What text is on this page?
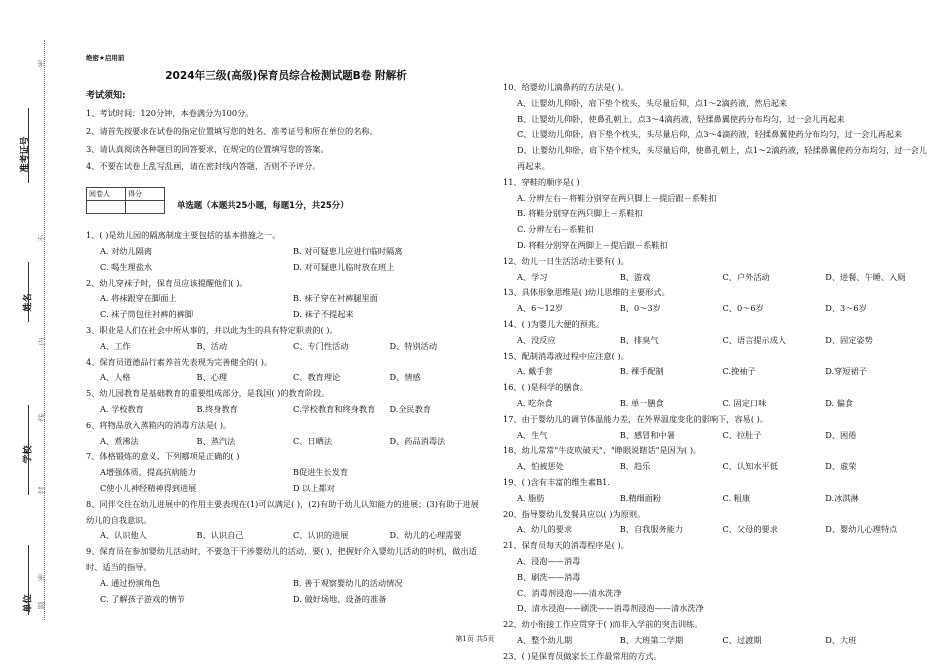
准考证号
姓名
学校
单位
密
不
内
线
封
密
题
绝密★启用前
2024年三级(高级)保育员综合检测试题B卷 附解析
考试须知:

1、考试时间：120分钟，本卷满分为100分。

2、请首先按要求在试卷的指定位置填写您的姓名、准考证号和所在单位的名称。

3、请认真阅读各种题目的回答要求，在规定的位置填写您的答案。

4、不要在试卷上乱写乱画，请在密封线内答题，否则不予评分。

阅卷人	得分

单选题（本题共25小题，每题1分，共25分）

1、( )是幼儿园的隔离制度主要包括的基本措施之一。

A. 对幼儿隔离	B. 对可疑患儿应进行临时隔离
C. 喝生理盐水	D. 对可疑患儿临时放在班上

2、幼儿穿袜子时，保育员应该提醒他们( )。

A. 将袜跟穿在脚面上	B. 袜子穿在衬裤腿里面
C. 袜子筒包住衬裤的裤脚	D. 袜子不提起来

3、职业是人们在社会中所从事的，并以此为生的具有特定职责的( )。

A、工作	B、活动	C、专门性活动	D、特别活动

4、保育员道德品行素养首先表现为完善健全的( )。

A、人格	B、心理	C、教育理论	D、情感

5、幼儿园教育是基础教育的重要组成部分，是我国( )的教育阶段。

A. 学校教育	B.终身教育	C.学校教育和终身教育	D.全民教育

6、将物品放入蒸箱内的消毒方法是( )。

A、煮沸法	B、蒸汽法	C、日晒法	D、药品消毒法

7、体格锻炼的意义，下列哪项是正确的( )

A增强体质，提高抗病能力	B促进生长发育
C使小儿神经精神得到进展	D 以上都对

8、同伴交往在幼儿进展中的作用主要表现在(1)可以满足( )，(2)有助于幼儿认知能力的进展；(3)有助于进展幼儿的自我意识。

A、认识他人	B、认识自己	C、认识的进展	D、幼儿的心理需要

9、保育员在参加婴幼儿活动时，不要急于干涉婴幼儿的活动，要( )，把握好介入婴幼儿活动的时机，做出适时、适当的指导。

A. 通过扮演角色	B. 善于观察婴幼儿的活动情况
C. 了解孩子游戏的情节	D. 做好场地、设备的准备

10、给婴幼儿滴鼻药的方法是( )。

A、让婴幼儿仰卧，肩下垫个枕头，头尽量后仰，点1～2滴药液，然后起来
B、让婴幼儿仰卧，使鼻孔朝上，点3～4滴药液，轻揉鼻翼使药分布均匀，过一会儿再起来
C、让婴幼儿仰卧，肩下垫个枕头，头尽量后仰，点3～4滴药液，轻揉鼻翼使药分布均匀，过一会儿再起来
D、让婴幼儿仰卧，肩下垫个枕头，头尽量后仰，使鼻孔朝上，点1～2滴药液，轻揉鼻翼使药分布均匀，过一会儿再起来。

11、穿鞋的顺序是( )

A. 分辨左右－将鞋分别穿在两只脚上－提后跟－系鞋扣
B. 将鞋分别穿在两只脚上－系鞋扣
C. 分辨左右－系鞋扣
D. 将鞋分别穿在两脚上－提后跟－系鞋扣

12、幼儿一日生活活动主要有( )。

A、学习	B、游戏	C、户外活动	D、进餐、午睡、入厕

13、具体形象思维是( )幼儿思维的主要形式。

A、6～12岁	B、0～3岁	C、0～6岁	D、3～6岁

14、( )为婴儿大便的预兆。

A、没反应	B、排臭气	C、语言提示成人	D、固定姿势

15、配制消毒液过程中应注意( )。

A. 戴手套	B. 裸手配制	C.挽袖子	D.穿短裙子

16、( )是科学的膳食。

A. 吃杂食	B. 单一膳食	C. 固定口味	D. 偏食

17、由于婴幼儿的调节体温能力差，在外界温度变化的影响下，容易( )。

A、生气	B、感冒和中暑	C、拉肚子	D、困倦

18、幼儿常常"牛皮吹破天"、"睁眼说瞎话"是因为( )。

A、怕被惩处	B、趋乐	C、认知水平低	D、虚荣

19、( )含有丰富的维生素B1.

A. 脂肪	B.精细面粉	C. 粗康	D.冰淇淋

20、指导婴幼儿发餐具应以( )为原则。

A、幼儿的要求	B、自我服务能力	C、父母的要求	D、婴幼儿心理特点

21、保育员每天的消毒程序是( )。

A、浸泡——消毒
B、刷洗——消毒
C、消毒剂浸泡——清水洗净
D、清水浸泡——刷洗——消毒剂浸泡——清水洗净

22、幼小衔接工作应贯穿于( )而非入学前的突击训练。

A、整个幼儿期	B、大班第二学期	C、过渡期	D、大班

23、( )是保育员做家长工作最常用的方式。

第1页 共5页
